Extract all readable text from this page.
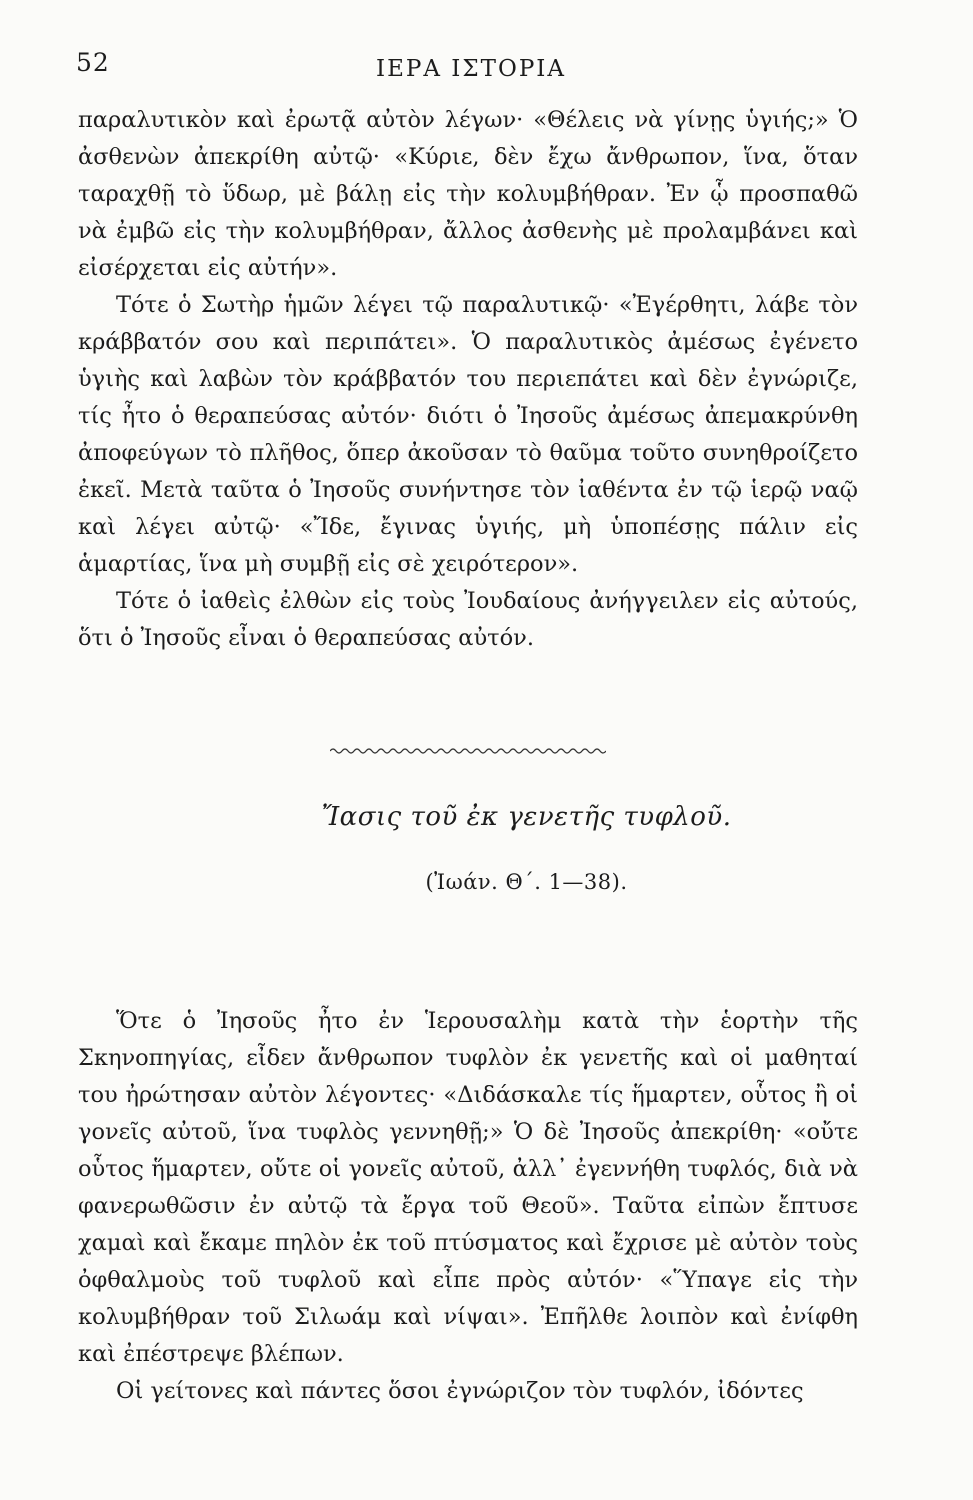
52	ΙΕΡΑ ΙΣΤΟΡΙΑ

παραλυτικὸν καὶ ἐρωτᾷ αὐτὸν λέγων· «Θέλεις νὰ γίνῃς ὑγιής;» Ὁ ἀσθενὼν ἀπεκρίθη αὐτῷ· «Κύριε, δὲν ἔχω ἄνθρωπον, ἵνα, ὅταν ταραχθῇ τὸ ὕδωρ, μὲ βάλῃ εἰς τὴν κολυμβήθραν. Ἐν ᾧ προσπαθῶ νὰ ἐμβῶ εἰς τὴν κολυμβήθραν, ἄλλος ἀσθενὴς μὲ προλαμβάνει καὶ εἰσέρχεται εἰς αὐτήν».

Τότε ὁ Σωτὴρ ἡμῶν λέγει τῷ παραλυτικῷ· «Ἐγέρθητι, λάβε τὸν κράββατόν σου καὶ περιπάτει». Ὁ παραλυτικὸς ἀμέσως ἐγένετο ὑγιὴς καὶ λαβὼν τὸν κράββατόν του περιεπάτει καὶ δὲν ἐγνώριζε, τίς ἦτο ὁ θεραπεύσας αὐτόν· διότι ὁ Ἰησοῦς ἀμέσως ἀπεμακρύνθη ἀποφεύγων τὸ πλῆθος, ὅπερ ἀκοῦσαν τὸ θαῦμα τοῦτο συνηθροίζετο ἐκεῖ. Μετὰ ταῦτα ὁ Ἰησοῦς συνήντησε τὸν ἰαθέντα ἐν τῷ ἱερῷ ναῷ καὶ λέγει αὐτῷ· «Ἴδε, ἔγινας ὑγιής, μὴ ὑποπέσῃς πάλιν εἰς ἁμαρτίας, ἵνα μὴ συμβῇ εἰς σὲ χειρότερον».

Τότε ὁ ἰαθεὶς ἐλθὼν εἰς τοὺς Ἰουδαίους ἀνήγγειλεν εἰς αὐτούς, ὅτι ὁ Ἰησοῦς εἶναι ὁ θεραπεύσας αὐτόν.

Ἴασις τοῦ ἐκ γενετῆς τυφλοῦ.
(Ἰωάν. Θ΄. 1—38).

Ὅτε ὁ Ἰησοῦς ἦτο ἐν Ἱερουσαλὴμ κατὰ τὴν ἑορτὴν τῆς Σκηνοπηγίας, εἶδεν ἄνθρωπον τυφλὸν ἐκ γενετῆς καὶ οἱ μαθηταί του ἠρώτησαν αὐτὸν λέγοντες· «Διδάσκαλε τίς ἥμαρτεν, οὗτος ἢ οἱ γονεῖς αὐτοῦ, ἵνα τυφλὸς γεννηθῇ;» Ὁ δὲ Ἰησοῦς ἀπεκρίθη· «οὔτε οὗτος ἥμαρτεν, οὔτε οἱ γονεῖς αὐτοῦ, ἀλλ᾿ ἐγεννήθη τυφλός, διὰ νὰ φανερωθῶσιν ἐν αὐτῷ τὰ ἔργα τοῦ Θεοῦ». Ταῦτα εἰπὼν ἔπτυσε χαμαὶ καὶ ἔκαμε πηλὸν ἐκ τοῦ πτύσματος καὶ ἔχρισε μὲ αὐτὸν τοὺς ὀφθαλμοὺς τοῦ τυφλοῦ καὶ εἶπε πρὸς αὐτόν· «Ὕπαγε εἰς τὴν κολυμβήθραν τοῦ Σιλωάμ καὶ νίψαι». Ἐπῆλθε λοιπὸν καὶ ἐνίφθη καὶ ἐπέστρεψε βλέπων.

Οἱ γείτονες καὶ πάντες ὅσοι ἐγνώριζον τὸν τυφλόν, ἰδόντες
